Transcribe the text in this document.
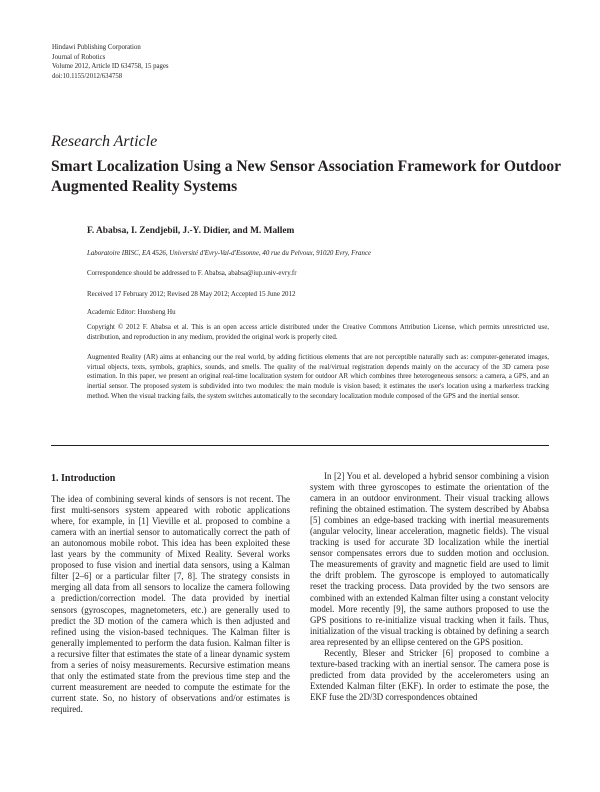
Hindawi Publishing Corporation
Journal of Robotics
Volume 2012, Article ID 634758, 15 pages
doi:10.1155/2012/634758
Research Article
Smart Localization Using a New Sensor Association Framework for Outdoor Augmented Reality Systems
F. Ababsa, I. Zendjebil, J.-Y. Didier, and M. Mallem
Laboratoire IBISC, EA 4526, Université d'Evry-Val-d'Essonne, 40 rue du Pelvoux, 91020 Evry, France
Correspondence should be addressed to F. Ababsa, ababsa@iup.univ-evry.fr
Received 17 February 2012; Revised 28 May 2012; Accepted 15 June 2012
Academic Editor: Huosheng Hu
Copyright © 2012 F. Ababsa et al. This is an open access article distributed under the Creative Commons Attribution License, which permits unrestricted use, distribution, and reproduction in any medium, provided the original work is properly cited.
Augmented Reality (AR) aims at enhancing our the real world, by adding fictitious elements that are not perceptible naturally such as: computer-generated images, virtual objects, texts, symbols, graphics, sounds, and smells. The quality of the real/virtual registration depends mainly on the accuracy of the 3D camera pose estimation. In this paper, we present an original real-time localization system for outdoor AR which combines three heterogeneous sensors: a camera, a GPS, and an inertial sensor. The proposed system is subdivided into two modules: the main module is vision based; it estimates the user's location using a markerless tracking method. When the visual tracking fails, the system switches automatically to the secondary localization module composed of the GPS and the inertial sensor.
1. Introduction

The idea of combining several kinds of sensors is not recent. The first multi-sensors system appeared with robotic applications where, for example, in [1] Vieville et al. proposed to combine a camera with an inertial sensor to automatically correct the path of an autonomous mobile robot. This idea has been exploited these last years by the community of Mixed Reality. Several works proposed to fuse vision and inertial data sensors, using a Kalman filter [2–6] or a particular filter [7, 8]. The strategy consists in merging all data from all sensors to localize the camera following a prediction/correction model. The data provided by inertial sensors (gyroscopes, magnetometers, etc.) are generally used to predict the 3D motion of the camera which is then adjusted and refined using the vision-based techniques. The Kalman filter is generally implemented to perform the data fusion. Kalman filter is a recursive filter that estimates the state of a linear dynamic system from a series of noisy measurements. Recursive estimation means that only the estimated state from the previous time step and the current measurement are needed to compute the estimate for the current state. So, no history of observations and/or estimates is required.

In [2] You et al. developed a hybrid sensor combining a vision system with three gyroscopes to estimate the orientation of the camera in an outdoor environment. Their visual tracking allows refining the obtained estimation. The system described by Ababsa [5] combines an edge-based tracking with inertial measurements (angular velocity, linear acceleration, magnetic fields). The visual tracking is used for accurate 3D localization while the inertial sensor compensates errors due to sudden motion and occlusion. The measurements of gravity and magnetic field are used to limit the drift problem. The gyroscope is employed to automatically reset the tracking process. Data provided by the two sensors are combined with an extended Kalman filter using a constant velocity model. More recently [9], the same authors proposed to use the GPS positions to re-initialize visual tracking when it fails. Thus, initialization of the visual tracking is obtained by defining a search area represented by an ellipse centered on the GPS position.

Recently, Bleser and Stricker [6] proposed to combine a texture-based tracking with an inertial sensor. The camera pose is predicted from data provided by the accelerometers using an Extended Kalman filter (EKF). In order to estimate the pose, the EKF fuse the 2D/3D correspondences obtained
